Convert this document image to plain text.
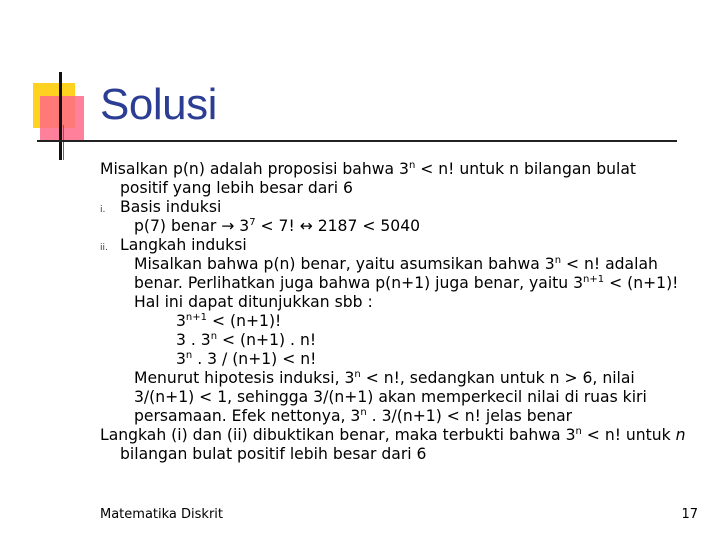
Solusi
Misalkan p(n) adalah proposisi bahwa $3^n < n$! untuk n bilangan bulat
positif yang lebih besar dari 6
i. Basis induksi
p(7) benar → $3^7 < 7$! ↔ 2187 < 5040
ii. Langkah induksi
Misalkan bahwa p(n) benar, yaitu asumsikan bahwa $3^n < n$! adalah
benar. Perlihatkan juga bahwa p(n+1) juga benar, yaitu $3^{n+1} < (n+1)$!
Hal ini dapat ditunjukkan sbb :
$3^{n+1} < (n+1)$!
3 . $3^n < (n+1)$ . n!
3$^n$ . 3 / (n+1) < n!
Menurut hipotesis induksi, $3^n < n$!, sedangkan untuk n > 6, nilai
3/(n+1) < 1, sehingga 3/(n+1) akan memperkecil nilai di ruas kiri
persamaan. Efek nettonya, 3$^n$ . 3/(n+1) < n! jelas benar
Langkah (i) dan (ii) dibuktikan benar, maka terbukti bahwa $3^n < n$! untuk n
bilangan bulat positif lebih besar dari 6
Matematika Diskrit	17
